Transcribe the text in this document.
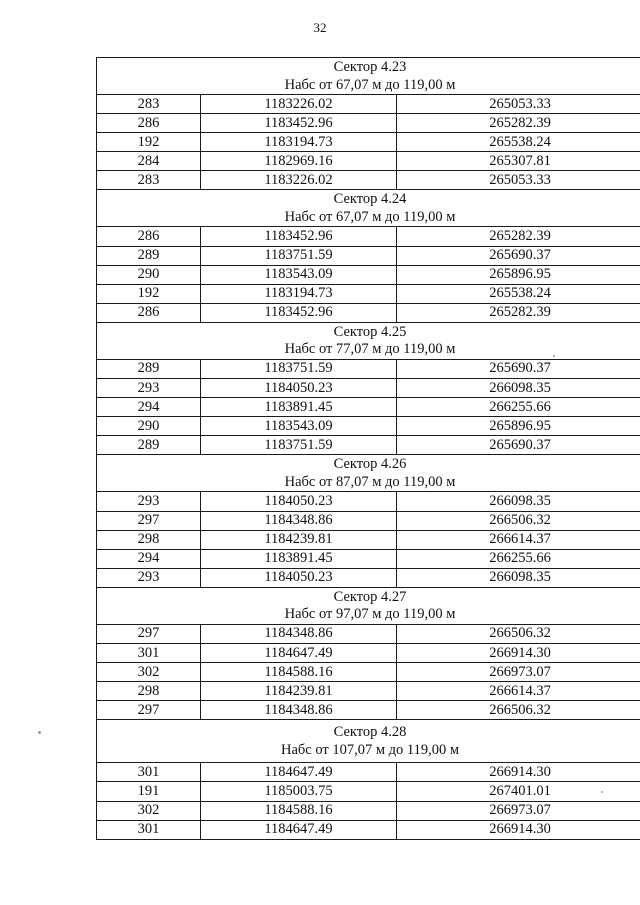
32
Сектор 4.23
Набс от 67,07 м до 119,00 м		

283	1183226.02	265053.33
286	1183452.96	265282.39
192	1183194.73	265538.24
284	1182969.16	265307.81
283	1183226.02	265053.33

Сектор 4.24
Набс от 67,07 м до 119,00 м		

286	1183452.96	265282.39
289	1183751.59	265690.37
290	1183543.09	265896.95
192	1183194.73	265538.24
286	1183452.96	265282.39

Сектор 4.25
Набс от 77,07 м до 119,00 м		

289	1183751.59	265690.37
293	1184050.23	266098.35
294	1183891.45	266255.66
290	1183543.09	265896.95
289	1183751.59	265690.37

Сектор 4.26
Набс от 87,07 м до 119,00 м		

293	1184050.23	266098.35
297	1184348.86	266506.32
298	1184239.81	266614.37
294	1183891.45	266255.66
293	1184050.23	266098.35

Сектор 4.27
Набс от 97,07 м до 119,00 м		

297	1184348.86	266506.32
301	1184647.49	266914.30
302	1184588.16	266973.07
298	1184239.81	266614.37
297	1184348.86	266506.32

Сектор 4.28
Набс от 107,07 м до 119,00 м		

301	1184647.49	266914.30
191	1185003.75	267401.01
302	1184588.16	266973.07
301	1184647.49	266914.30
